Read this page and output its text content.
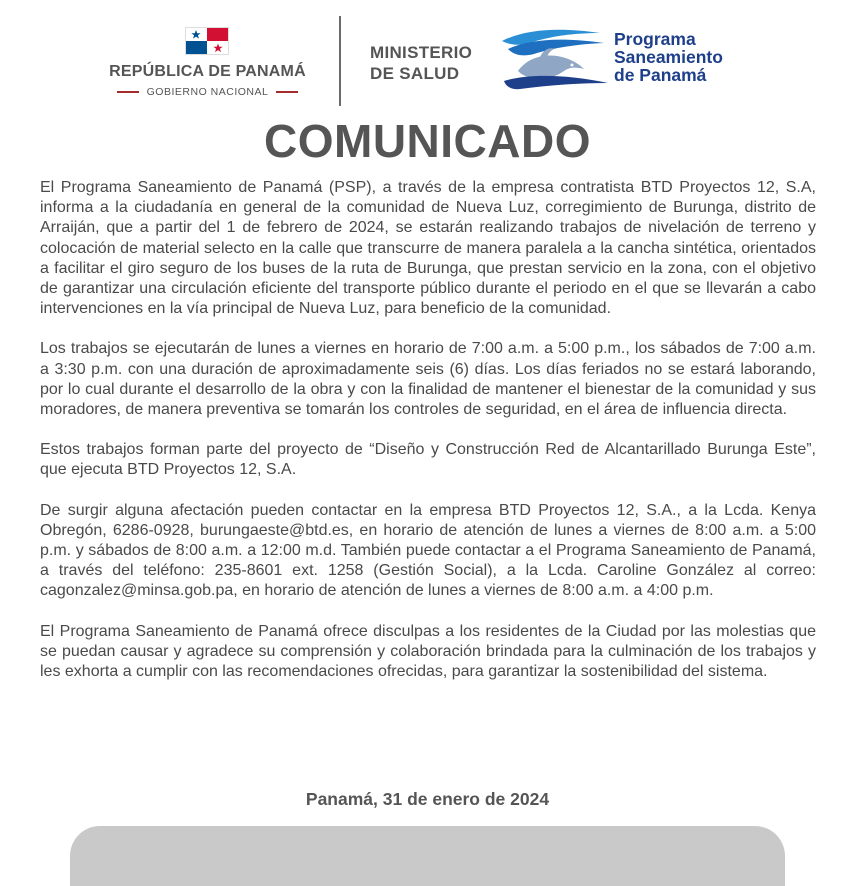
REPÚBLICA DE PANAMÁ
GOBIERNO NACIONAL
MINISTERIO
DE SALUD
Programa
Saneamiento
de Panamá
COMUNICADO

El Programa Saneamiento de Panamá (PSP), a través de la empresa contratista BTD Proyectos 12, S.A, informa a la ciudadanía en general de la comunidad de Nueva Luz, corregimiento de Burunga, distrito de Arraiján, que a partir del 1 de febrero de 2024, se estarán realizando trabajos de nivelación de terreno y colocación de material selecto en la calle que transcurre de manera paralela a la cancha sintética, orientados a facilitar el giro seguro de los buses de la ruta de Burunga, que prestan servicio en la zona, con el objetivo de garantizar una circulación eficiente del transporte público durante el periodo en el que se llevarán a cabo intervenciones en la vía principal de Nueva Luz, para beneficio de la comunidad.

Los trabajos se ejecutarán de lunes a viernes en horario de 7:00 a.m. a 5:00 p.m., los sábados de 7:00 a.m. a 3:30 p.m. con una duración de aproximadamente seis (6) días. Los días feriados no se estará laborando, por lo cual durante el desarrollo de la obra y con la finalidad de mantener el bienestar de la comunidad y sus moradores, de manera preventiva se tomarán los controles de seguridad, en el área de influencia directa.

Estos trabajos forman parte del proyecto de “Diseño y Construcción Red de Alcantarillado Burunga Este”, que ejecuta BTD Proyectos 12, S.A.

De surgir alguna afectación pueden contactar en la empresa BTD Proyectos 12, S.A., a la Lcda. Kenya Obregón, 6286-0928, burungaeste@btd.es, en horario de atención de lunes a viernes de 8:00 a.m. a 5:00 p.m. y sábados de 8:00 a.m. a 12:00 m.d. También puede contactar a el Programa Saneamiento de Panamá, a través del teléfono: 235-8601 ext. 1258 (Gestión Social), a la Lcda. Caroline González al correo: cagonzalez@minsa.gob.pa, en horario de atención de lunes a viernes de 8:00 a.m. a 4:00 p.m.

El Programa Saneamiento de Panamá ofrece disculpas a los residentes de la Ciudad por las molestias que se puedan causar y agradece su comprensión y colaboración brindada para la culminación de los trabajos y les exhorta a cumplir con las recomendaciones ofrecidas, para garantizar la sostenibilidad del sistema.

Panamá, 31 de enero de 2024
